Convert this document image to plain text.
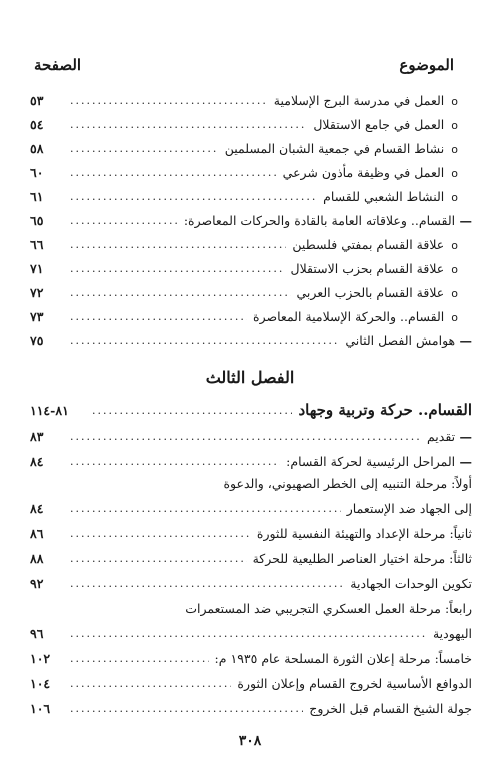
الموضوع
الصفحة
o  العمل في مدرسة البرج الإسلامية
.....
٥٣
o  العمل في جامع الاستقلال
.....
٥٤
o  نشاط القسام في جمعية الشبان المسلمين
.....
٥٨
o  العمل في وظيفة مأذون شرعي
.....
٦٠
o  النشاط الشعبي للقسام
.....
٦١
— القسام.. وعلاقاته العامة بالقادة والحركات المعاصرة:
.....
٦٥
o  علاقة القسام بمفتي فلسطين
.....
٦٦
o  علاقة القسام بحزب الاستقلال
.....
٧١
o  علاقة القسام بالحزب العربي
.....
٧٢
o  القسام.. والحركة الإسلامية المعاصرة
.....
٧٣
— هوامش الفصل الثاني
.....
٧٥
الفصل الثالث
القسام.. حركة وتربية وجهاد
.....
٨١-١١٤
— تقديم
.....
٨٣
— المراحل الرئيسية لحركة القسام:
.....
٨٤
أولاً: مرحلة التنبيه إلى الخطر الصهيوني، والدعوة
إلى الجهاد ضد الإستعمار
.....
٨٤
ثانياً: مرحلة الإعداد والتهيئة النفسية للثورة
.....
٨٦
ثالثاً: مرحلة اختيار العناصر الطليعية للحركة
.....
٨٨
تكوين الوحدات الجهادية
.....
٩٢
رابعاً: مرحلة العمل العسكري التجريبي ضد المستعمرات
اليهودية
.....
٩٦
خامساً: مرحلة إعلان الثورة المسلحة عام ١٩٣٥ م:
.....
١٠٢
الدوافع الأساسية لخروج القسام وإعلان الثورة
.....
١٠٤
جولة الشيخ القسام قبل الخروج
.....
١٠٦
٣٠٨
